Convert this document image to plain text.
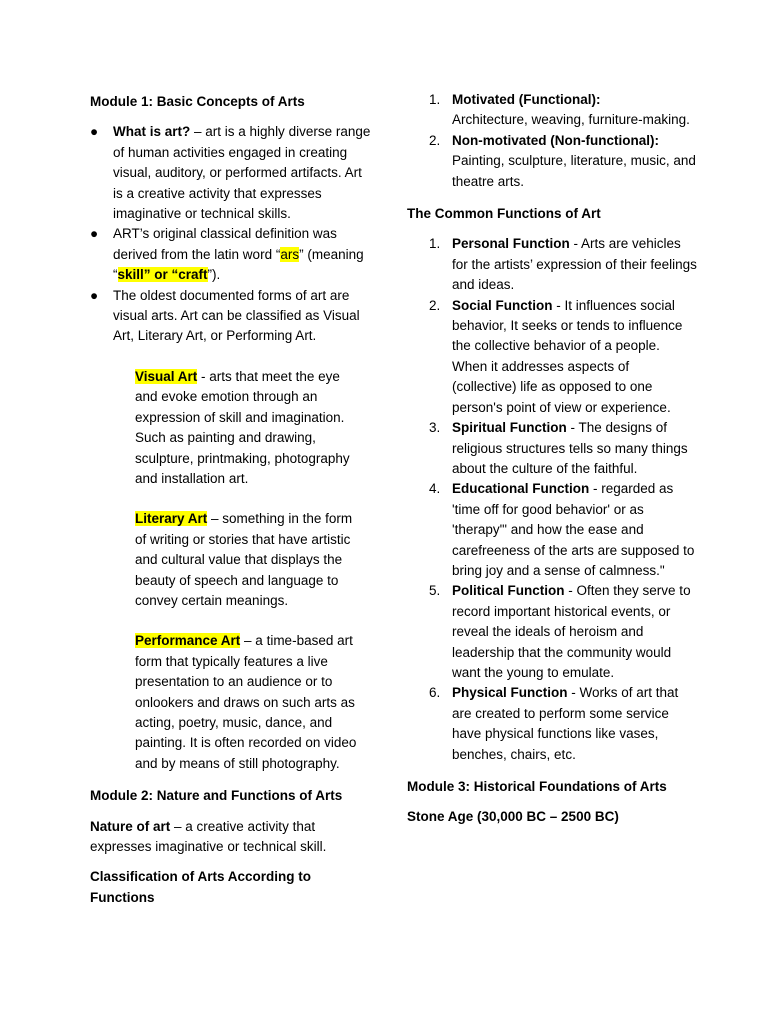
Module 1: Basic Concepts of Arts
● What is art? – art is a highly diverse range of human activities engaged in creating visual, auditory, or performed artifacts. Art is a creative activity that expresses imaginative or technical skills.
● ART’s original classical definition was derived from the latin word “ars” (meaning “skill” or “craft”).
● The oldest documented forms of art are visual arts. Art can be classified as Visual Art, Literary Art, or Performing Art.
Visual Art - arts that meet the eye and evoke emotion through an expression of skill and imagination. Such as painting and drawing, sculpture, printmaking, photography and installation art.
Literary Art – something in the form of writing or stories that have artistic and cultural value that displays the beauty of speech and language to convey certain meanings.
Performance Art – a time-based art form that typically features a live presentation to an audience or to onlookers and draws on such arts as acting, poetry, music, dance, and painting. It is often recorded on video and by means of still photography.
Module 2: Nature and Functions of Arts
Nature of art – a creative activity that expresses imaginative or technical skill.
Classification of Arts According to Functions
1. Motivated (Functional):
Architecture, weaving, furniture-making.
2. Non-motivated (Non-functional):
Painting, sculpture, literature, music, and theatre arts.
The Common Functions of Art
1. Personal Function - Arts are vehicles for the artists’ expression of their feelings and ideas.
2. Social Function - It influences social behavior, It seeks or tends to influence the collective behavior of a people. When it addresses aspects of (collective) life as opposed to one person's point of view or experience.
3. Spiritual Function - The designs of religious structures tells so many things about the culture of the faithful.
4. Educational Function - regarded as 'time off for good behavior' or as 'therapy'" and how the ease and carefreeness of the arts are supposed to bring joy and a sense of calmness."
5. Political Function - Often they serve to record important historical events, or reveal the ideals of heroism and leadership that the community would want the young to emulate.
6. Physical Function - Works of art that are created to perform some service have physical functions like vases, benches, chairs, etc.
Module 3: Historical Foundations of Arts
Stone Age (30,000 BC – 2500 BC)
